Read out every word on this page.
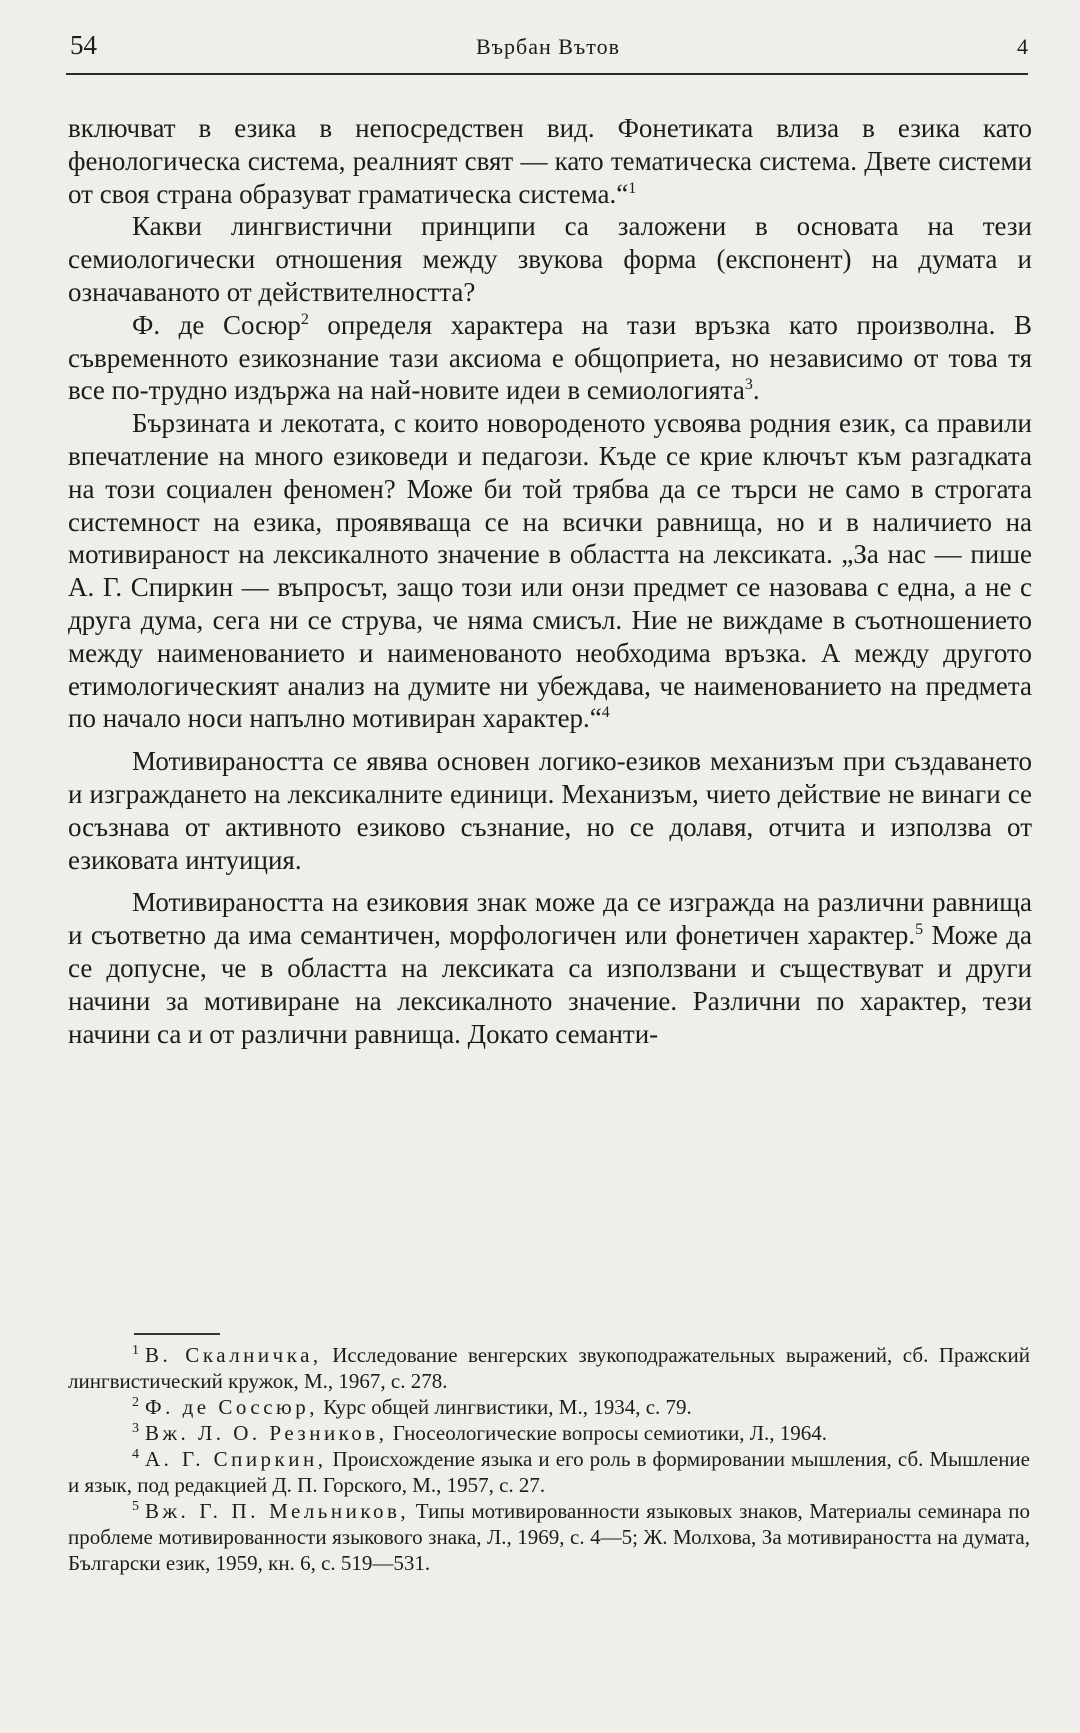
54	Върбан Вътов	4

включват в езика в непосредствен вид. Фонетиката влиза в езика като фенологическа система, реалният свят — като тематическа система. Двете системи от своя страна образуват граматическа система.“$^1$

Какви лингвистични принципи са заложени в основата на тези семиологически отношения между звукова форма (експонент) на думата и означаваното от действителността?

Ф. де Сосюр$^2$ определя характера на тази връзка като произволна. В съвременното езикознание тази аксиома е общоприета, но независимо от това тя все по-трудно издържа на най-новите идеи в семиологията$^3$.

Бързината и лекотата, с които новороденото усвоява родния език, са правили впечатление на много езиковеди и педагози. Къде се крие ключът към разгадката на този социален феномен? Може би той трябва да се търси не само в строгата системност на езика, проявяваща се на всички равнища, но и в наличието на мотивираност на лексикалното значение в областта на лексиката. „За нас — пише А. Г. Спиркин — въпросът, защо този или онзи предмет се назовава с една, а не с друга дума, сега ни се струва, че няма смисъл. Ние не виждаме в съотношението между наименованието и наименованото необходима връзка. А между другото етимологическият анализ на думите ни убеждава, че наименованието на предмета по начало носи напълно мотивиран характер.“$^4$

Мотивираността се явява основен логико-езиков механизъм при създаването и изграждането на лексикалните единици. Механизъм, чието действие не винаги се осъзнава от активното езиково съзнание, но се долавя, отчита и използва от езиковата интуиция.

Мотивираността на езиковия знак може да се изгражда на различни равнища и съответно да има семантичен, морфологичен или фонетичен характер.$^5$ Може да се допусне, че в областта на лексиката са използвани и съществуват и други начини за мотивиране на лексикалното значение. Различни по характер, тези начини са и от различни равнища. Докато семанти-

$^1$ В. Скалничка, Исследование венгерских звукоподражательных выражений, сб. Пражский лингвистический кружок, М., 1967, с. 278.

$^2$ Ф. де Соссюр, Курс общей лингвистики, М., 1934, с. 79.

$^3$ Вж. Л. О. Резников, Гносеологические вопросы семиотики, Л., 1964.

$^4$ А. Г. Спиркин, Происхождение языка и его роль в формировании мышления, сб. Мышление и язык, под редакцией Д. П. Горского, М., 1957, с. 27.

$^5$ Вж. Г. П. Мельников, Типы мотивированности языковых знаков, Материалы семинара по проблеме мотивированности языкового знака, Л., 1969, с. 4—5; Ж. Молхова, За мотивираността на думата, Български език, 1959, кн. 6, с. 519—531.
